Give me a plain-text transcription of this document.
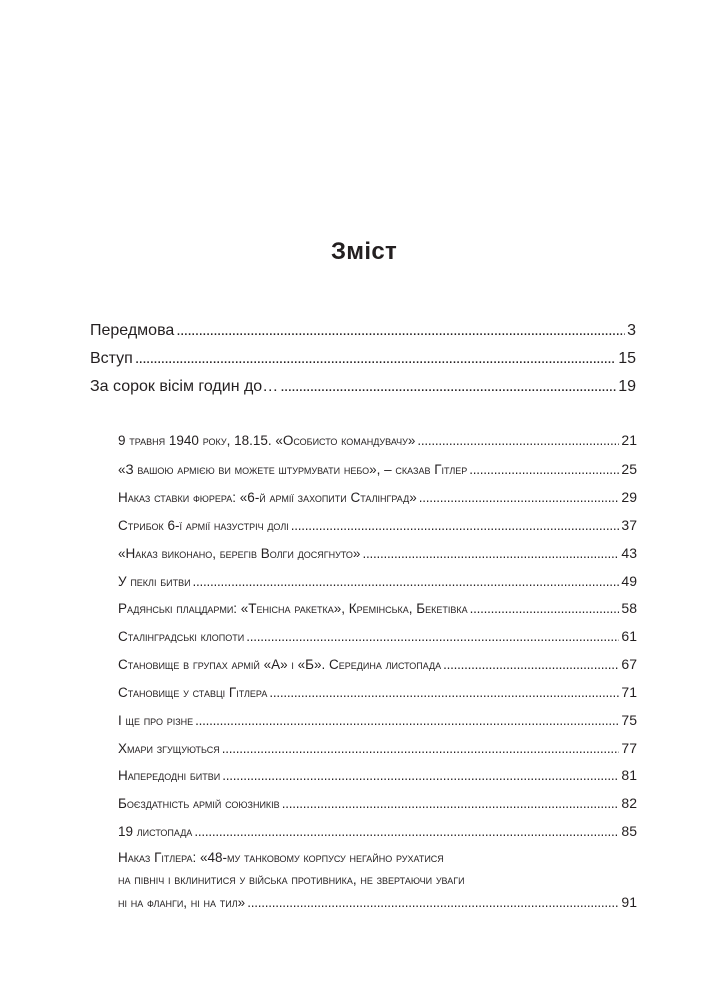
Зміст
Передмова . . .	3
Вступ . . .	15
За сорок вісім годин до… . . .	19
9 травня 1940 року, 18.15. «Особисто командувачу» . . .	21
«З вашою армією ви можете штурмувати небо», – сказав Гітлер . . .	25
Наказ ставки фюрера: «6-й армії захопити Сталінград» . . .	29
Стрибок 6-ї армії назустріч долі . . .	37
«Наказ виконано, берегів Волги досягнуто» . . .	43
У пеклі битви . . .	49
Радянські плацдарми: «Тенісна ракетка», Кремінська, Бекетівка . . .	58
Сталінградські клопоти . . .	61
Становище в групах армій «А» і «Б». Середина листопада . . .	67
Становище у ставці Гітлера . . .	71
І ще про різне . . .	75
Хмари згущуються . . .	77
Напередодні битви . . .	81
Боєздатність армій союзників . . .	82
19 листопада . . .	85
Наказ Гітлера: «48-му танковому корпусу негайно рухатися
на північ і вклинитися у війська противника, не звертаючи уваги
ні на фланги, ні на тил» . . .	91
